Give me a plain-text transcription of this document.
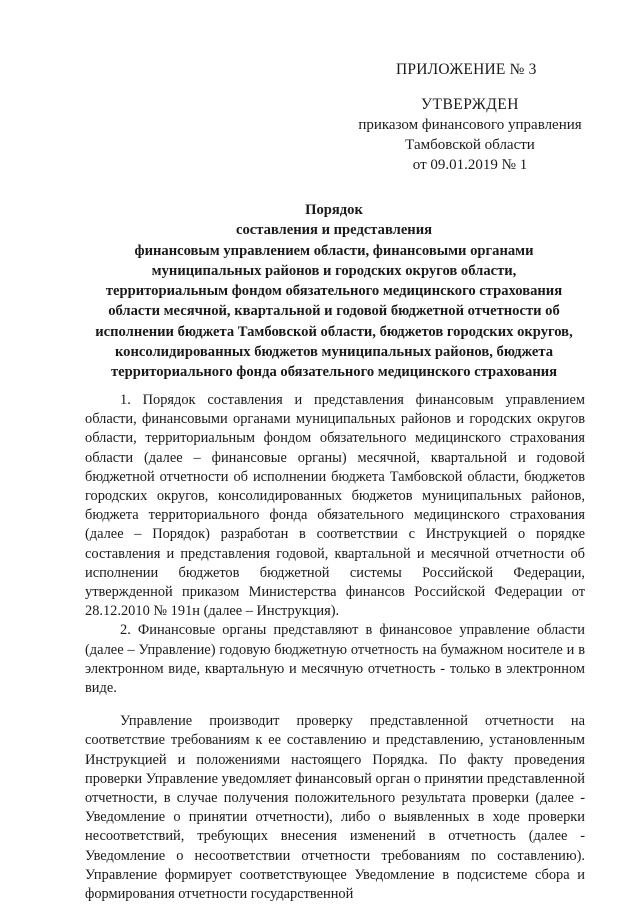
ПРИЛОЖЕНИЕ № 3
УТВЕРЖДЕН
приказом финансового управления
Тамбовской области
от 09.01.2019 № 1
Порядок
составления и представления
финансовым управлением области, финансовыми органами
муниципальных районов и городских округов области,
территориальным фондом обязательного медицинского страхования
области месячной, квартальной и годовой бюджетной отчетности об
исполнении бюджета Тамбовской области, бюджетов городских округов,
консолидированных бюджетов муниципальных районов, бюджета
территориального фонда обязательного медицинского страхования

1. Порядок составления и представления финансовым управлением области, финансовыми органами муниципальных районов и городских округов области, территориальным фондом обязательного медицинского страхования области (далее – финансовые органы) месячной, квартальной и годовой бюджетной отчетности об исполнении бюджета Тамбовской области, бюджетов городских округов, консолидированных бюджетов муниципальных районов, бюджета территориального фонда обязательного медицинского страхования (далее – Порядок) разработан в соответствии с Инструкцией о порядке составления и представления годовой, квартальной и месячной отчетности об исполнении бюджетов бюджетной системы Российской Федерации, утвержденной приказом Министерства финансов Российской Федерации от 28.12.2010 № 191н (далее – Инструкция).

2. Финансовые органы представляют в финансовое управление области (далее – Управление) годовую бюджетную отчетность на бумажном носителе и в электронном виде, квартальную и месячную отчетность - только в электронном виде.

Управление производит проверку представленной отчетности на соответствие требованиям к ее составлению и представлению, установленным Инструкцией и положениями настоящего Порядка. По факту проведения проверки Управление уведомляет финансовый орган о принятии представленной отчетности, в случае получения положительного результата проверки (далее - Уведомление о принятии отчетности), либо о выявленных в ходе проверки несоответствий, требующих внесения изменений в отчетность (далее - Уведомление о несоответствии отчетности требованиям по составлению). Управление формирует соответствующее Уведомление в подсистеме сбора и формирования отчетности государственной
